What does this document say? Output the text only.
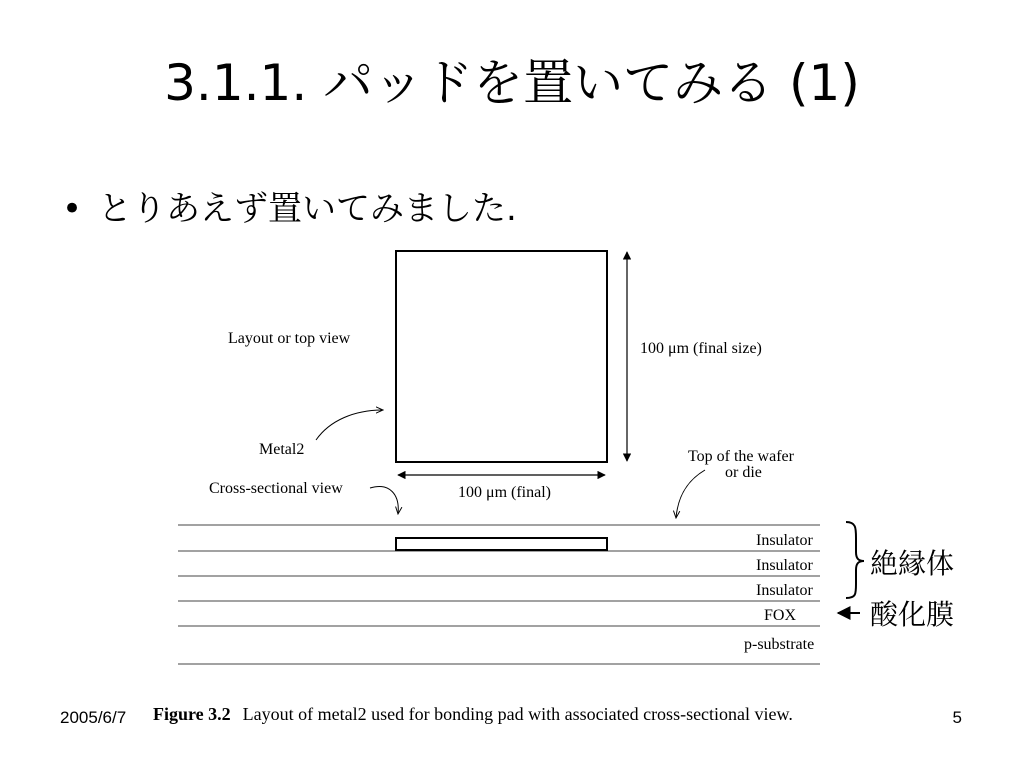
3.1.1. パッドを置いてみる (1)
• とりあえず置いてみました.
100 μm (final size)
100 μm (final)
Layout or top view
Metal2
Cross-sectional view
Top of the wafer
or die
Insulator
Insulator
Insulator
FOX
p-substrate
絶縁体
酸化膜
Figure 3.2 Layout of metal2 used for bonding pad with associated cross-sectional view.
2005/6/7	5
